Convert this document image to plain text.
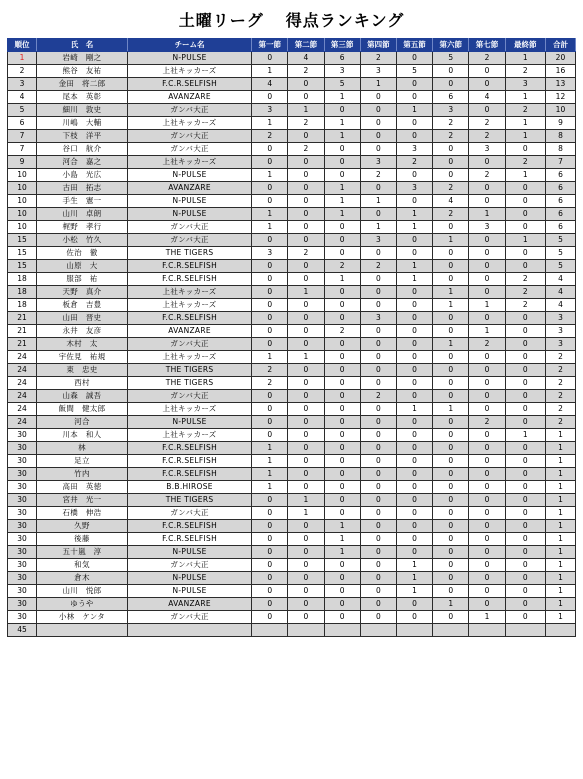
土曜リーグ 得点ランキング
順位	氏　名	チーム名	第一節	第二節	第三節	第四節	第五節	第六節	第七節	最終節	合計
1	岩崎　剛之	N-PULSE	0	4	6	2	0	5	2	1	20
2	熊谷　友祐	上社キッカーズ	1	2	3	3	5	0	0	2	16
3	金田　将二郎	F.C.R.SELFISH	4	0	5	1	0	0	0	3	13
4	尾本　英彰	AVANZARE	0	0	1	0	0	6	4	1	12
5	細川　敦史	ガンバ大正	3	1	0	0	1	3	0	2	10
6	川嶋　大輔	上社キッカーズ	1	2	1	0	0	2	2	1	9
7	下枝　洋平	ガンバ大正	2	0	1	0	0	2	2	1	8
7	谷口　航介	ガンバ大正	0	2	0	0	3	0	3	0	8
9	河合　嘉之	上社キッカーズ	0	0	0	3	2	0	0	2	7
10	小島　光広	N-PULSE	1	0	0	2	0	0	2	1	6
10	古田　拓志	AVANZARE	0	0	1	0	3	2	0	0	6
10	手生　憲一	N-PULSE	0	0	1	1	0	4	0	0	6
10	山川　卓朗	N-PULSE	1	0	1	0	1	2	1	0	6
10	梶野　孝行	ガンバ大正	1	0	0	1	1	0	3	0	6
15	小松　竹久	ガンバ大正	0	0	0	3	0	1	0	1	5
15	佐治　徹	THE TIGERS	3	2	0	0	0	0	0	0	5
15	山原　大	F.C.R.SELFISH	0	0	2	2	1	0	0	0	5
18	服部　祐	F.C.R.SELFISH	0	0	1	0	1	0	0	2	4
18	天野　真介	上社キッカーズ	0	1	0	0	0	1	0	2	4
18	板倉　吉豊	上社キッカーズ	0	0	0	0	0	1	1	2	4
21	山田　晋史	F.C.R.SELFISH	0	0	0	3	0	0	0	0	3
21	永井　友彦	AVANZARE	0	0	2	0	0	0	1	0	3
21	木村　太	ガンバ大正	0	0	0	0	0	1	2	0	3
24	宇佐見　祐規	上社キッカーズ	1	1	0	0	0	0	0	0	2
24	東　忠史	THE TIGERS	2	0	0	0	0	0	0	0	2
24	西村	THE TIGERS	2	0	0	0	0	0	0	0	2
24	山森　誠吾	ガンバ大正	0	0	0	2	0	0	0	0	2
24	飯間　健太郎	上社キッカーズ	0	0	0	0	1	1	0	0	2
24	河合	N-PULSE	0	0	0	0	0	0	2	0	2
30	川本　和人	上社キッカーズ	0	0	0	0	0	0	0	1	1
30	林	F.C.R.SELFISH	1	0	0	0	0	0	0	0	1
30	足立	F.C.R.SELFISH	1	0	0	0	0	0	0	0	1
30	竹内	F.C.R.SELFISH	1	0	0	0	0	0	0	0	1
30	高田　英徳	B.B.HIROSE	1	0	0	0	0	0	0	0	1
30	宮井　光一	THE TIGERS	0	1	0	0	0	0	0	0	1
30	石橋　伸浩	ガンバ大正	0	1	0	0	0	0	0	0	1
30	久野	F.C.R.SELFISH	0	0	1	0	0	0	0	0	1
30	後藤	F.C.R.SELFISH	0	0	1	0	0	0	0	0	1
30	五十嵐　淳	N-PULSE	0	0	1	0	0	0	0	0	1
30	和気	ガンバ大正	0	0	0	0	1	0	0	0	1
30	倉木	N-PULSE	0	0	0	0	1	0	0	0	1
30	山川　悦郎	N-PULSE	0	0	0	0	1	0	0	0	1
30	ゆうや	AVANZARE	0	0	0	0	0	1	0	0	1
30	小林　ケンタ	ガンバ大正	0	0	0	0	0	0	1	0	1
45											
